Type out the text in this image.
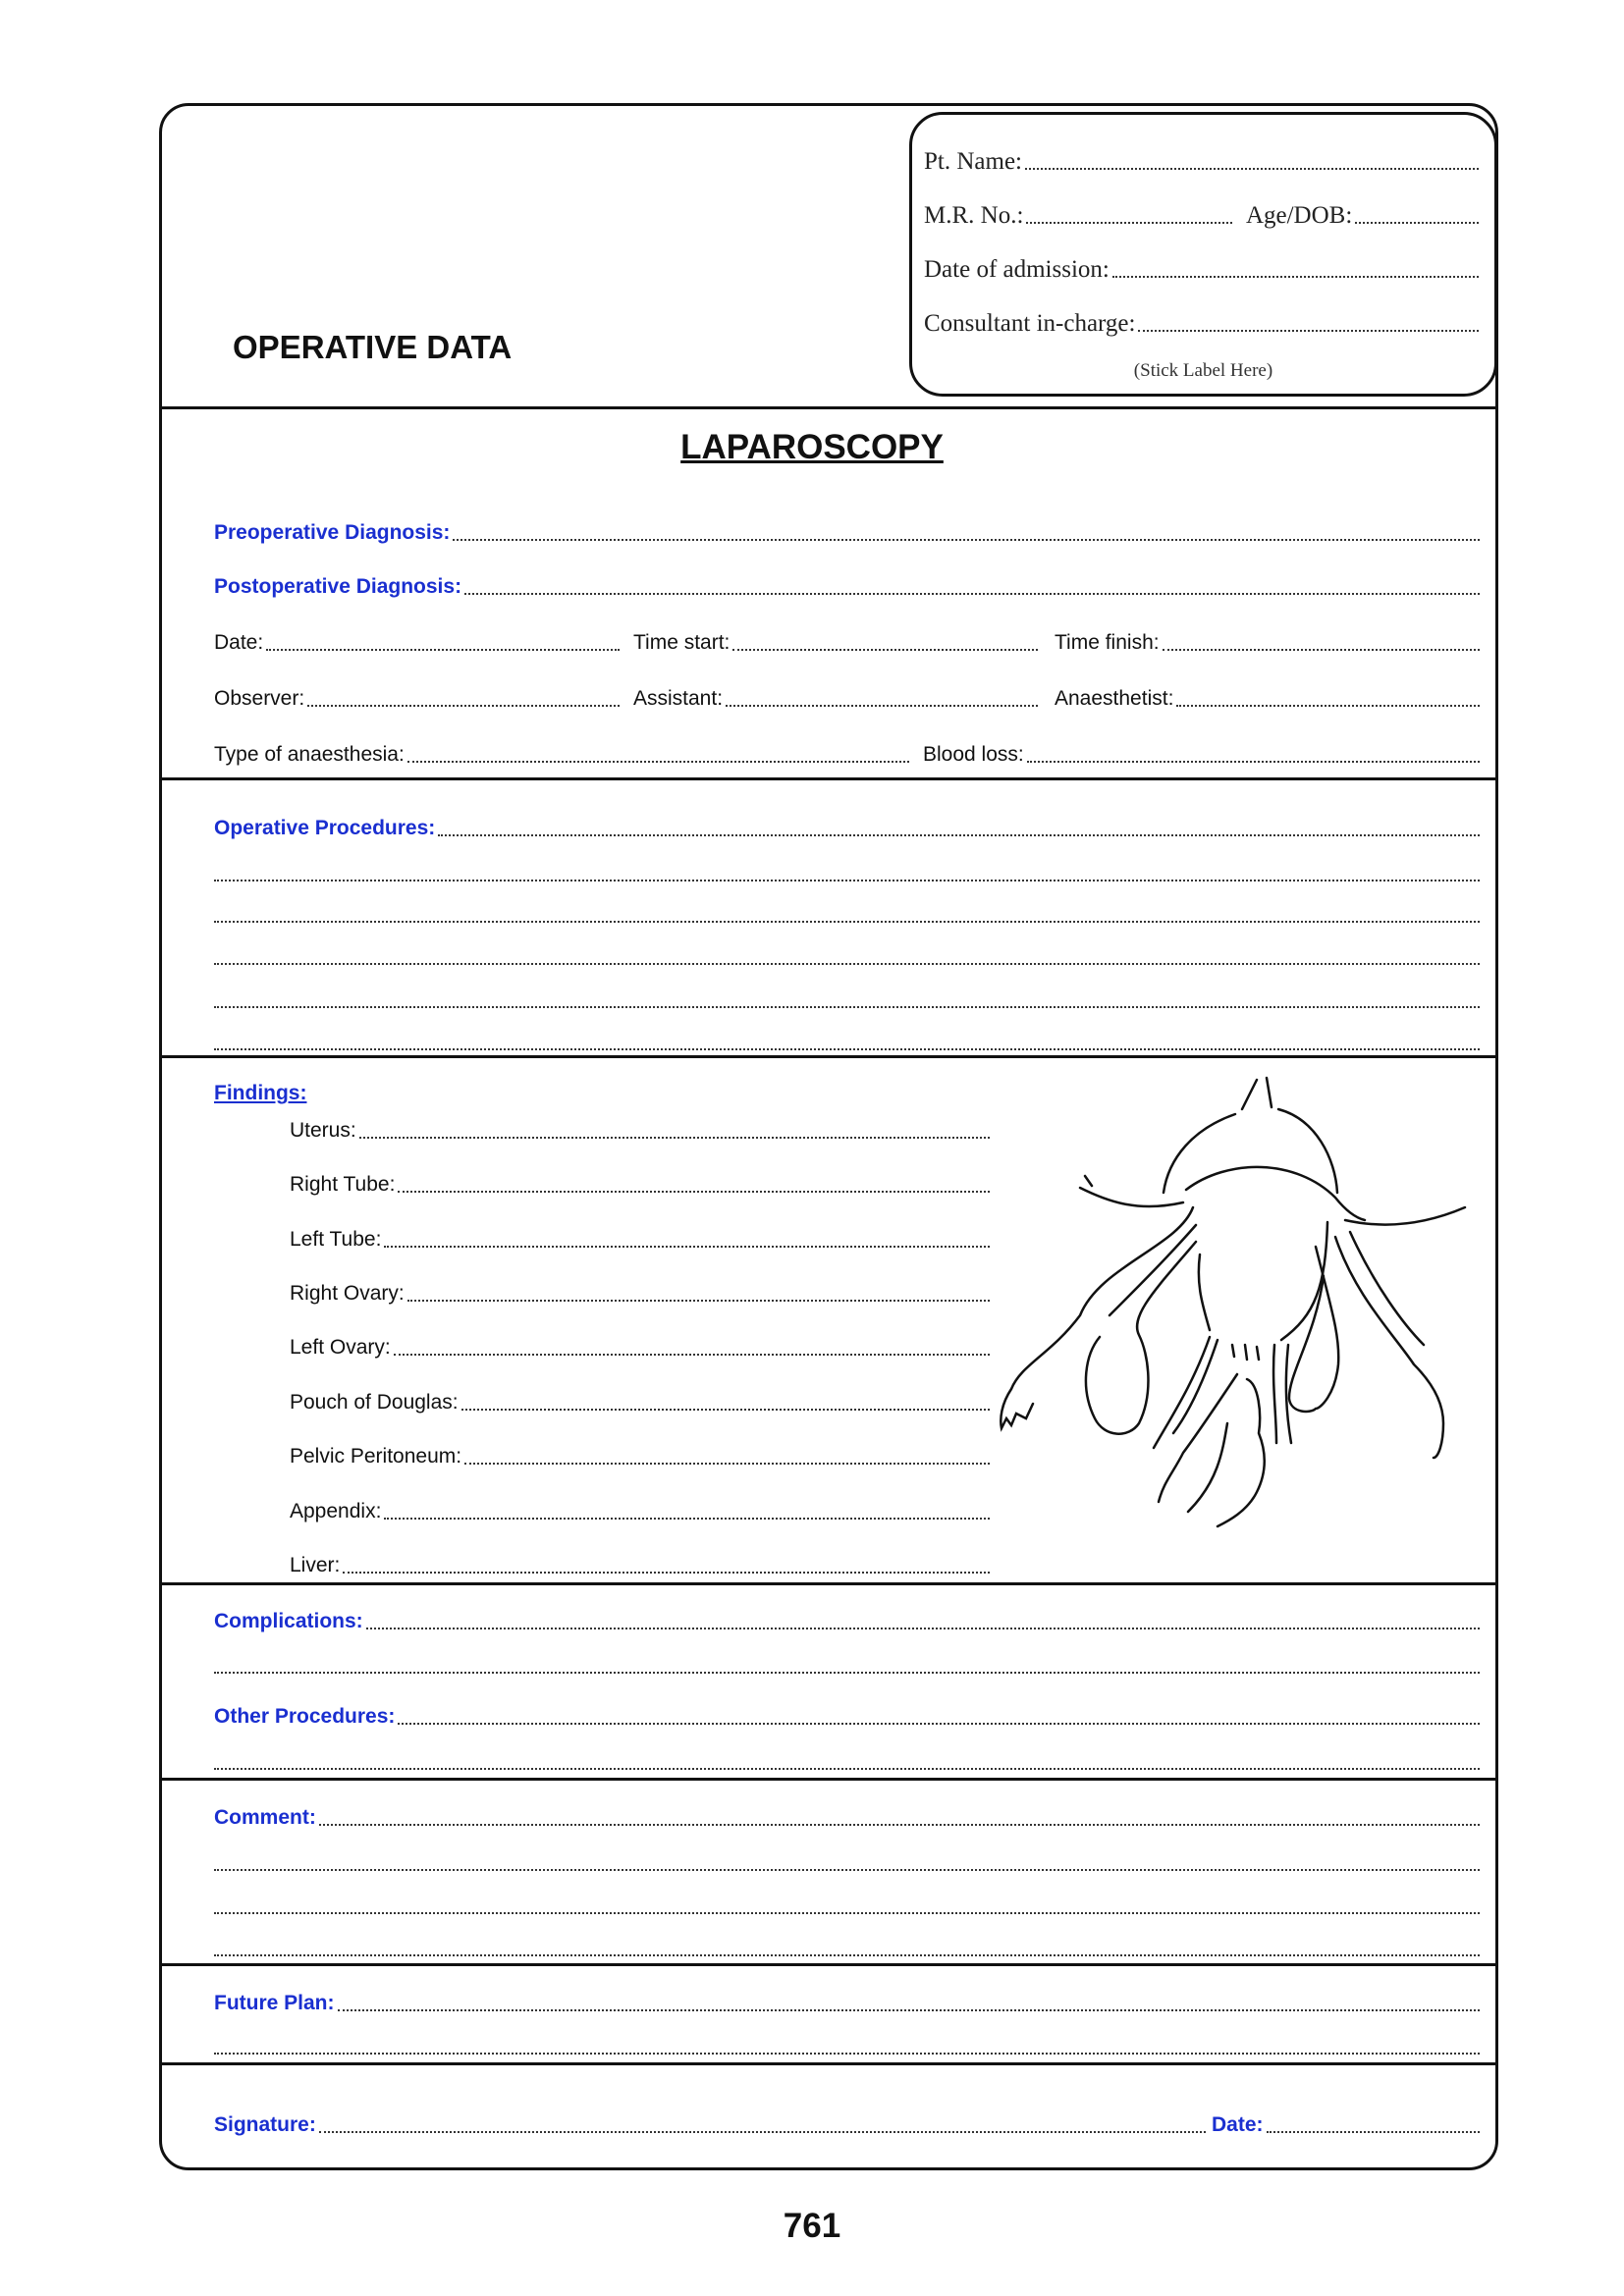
OPERATIVE DATA
Pt. Name:
M.R. No.:	Age/DOB:
Date of admission:
Consultant in-charge:
(Stick Label Here)
LAPAROSCOPY
Preoperative Diagnosis:
Postoperative Diagnosis:
Date:	Time start:	Time finish:
Observer:	Assistant:	Anaesthetist:
Type of anaesthesia:	Blood loss:
Operative Procedures:
Findings:
Uterus:
Right Tube:
Left Tube:
Right Ovary:
Left Ovary:
Pouch of Douglas:
Pelvic Peritoneum:
Appendix:
Liver:
Complications:
Other Procedures:
Comment:
Future Plan:
Signature:	Date:
761
